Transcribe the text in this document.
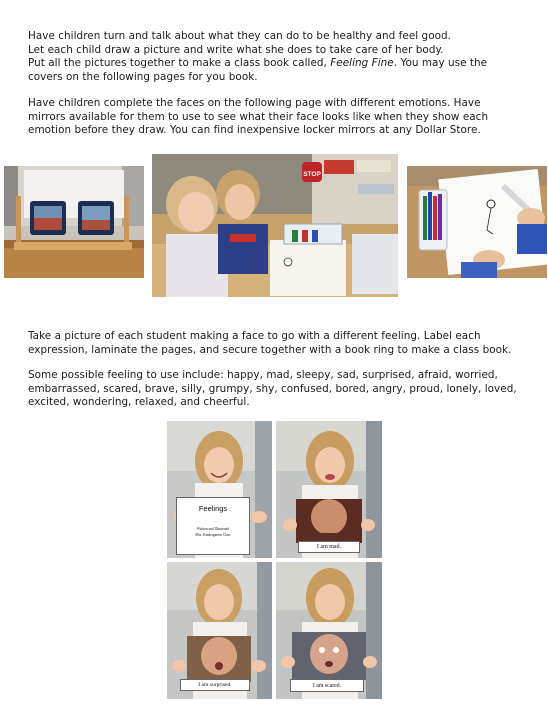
Have children turn and talk about what they can do to be healthy and feel good.
Let each child draw a picture and write what she does to take care of her body.
Put all the pictures together to make a class book called, Feeling Fine. You may use the
covers on the following pages for you book.

Have children complete the faces on the following page with different emotions. Have
mirrors available for them to use to see what their face looks like when they show each
emotion before they draw. You can find inexpensive locker mirrors at any Dollar Store.

STOP

Take a picture of each student making a face to go with a different feeling. Label each
expression, laminate the pages, and secure together with a book ring to make a class book.

Some possible feeling to use include: happy, mad, sleepy, sad, surprised, afraid, worried,
embarrassed, scared, brave, silly, grumpy, shy, confused, bored, angry, proud, lonely, loved,
excited, wondering, relaxed, and cheerful.

Feelings
Written and Illustrated
Mrs. Kindergarten Class
I am mad.
I am surprised.	I am scared.
